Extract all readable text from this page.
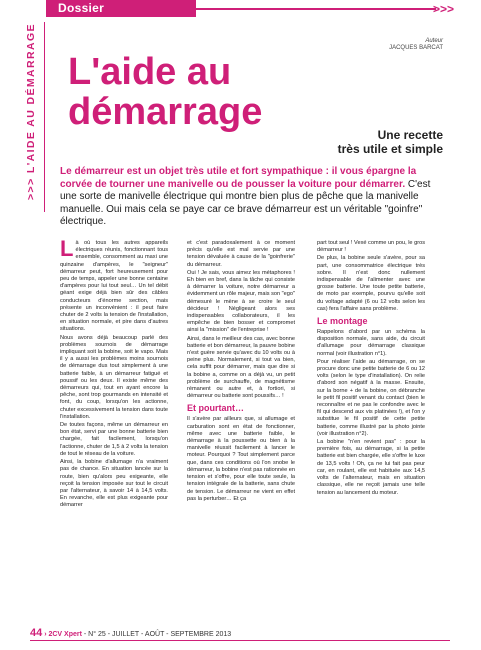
Dossier	>>>
>>> L'AIDE AU DÉMARRAGE	Auteur
JACQUES BARCAT
L'aide au
démarrage
Une recette
très utile et simple
Le démarreur est un objet très utile et fort sympathique : il vous épargne la corvée de tourner une manivelle ou de pousser la voiture pour démarrer. C'est une sorte de manivelle électrique qui montre bien plus de pêche que la manivelle manuelle. Oui mais cela se paye car ce brave démarreur est un véritable "goinfre" électrique.

Là où tous les autres appareils électriques réunis, fonctionnant tous ensemble, consomment au maxi une quinzaine d'ampères, le "seigneur" démarreur peut, fort heureusement pour peu de temps, appeler une bonne centaine d'ampères pour lui tout seul… Un tel débit géant exige déjà bien sûr des câbles conducteurs d'énorme section, mais présente un inconvénient : il peut faire chuter de 2 volts la tension de l'installation, en situation normale, et pire dans d'autres situations.

Nous avons déjà beaucoup parlé des problèmes sournois de démarrage impliquant soit la bobine, soit le vapo. Mais il y a aussi les problèmes moins sournois de démarrage dus tout simplement à une batterie faible, à un démarreur fatigué et poussif ou les deux. Il existe même des démarreurs qui, tout en ayant encore la pêche, sont trop gourmands en intensité et font, du coup, lorsqu'on les actionne, chuter excessivement la tension dans toute l'installation.

De toutes façons, même un démarreur en bon état, servi par une bonne batterie bien chargée, fait facilement, lorsqu'on l'actionne, chuter de 1,5 à 2 volts la tension de tout le réseau de la voiture.

Ainsi, la bobine d'allumage n'a vraiment pas de chance. En situation lancée sur la route, bien qu'alors peu exigeante, elle reçoit la tension imposée sur tout le circuit par l'alternateur, à savoir 14 à 14,5 volts. En revanche, elle est plus exigeante pour démarrer

et c'est paradoxalement à ce moment précis qu'elle est mal servie par une tension dévaluée à cause de la "goinfrerie" du démarreur.

Oui ! Je sais, vous aimez les métaphores ! Eh bien en bref, dans la tâche qui consiste à démarrer la voiture, notre démarreur a évidemment un rôle majeur, mais son "ego" démesuré le mène à se croire le seul décideur ! Négligeant alors ses indispensables collaborateurs, il les empêche de bien bosser et compromet ainsi la "mission" de l'entreprise !

Ainsi, dans le meilleur des cas, avec bonne batterie et bon démarreur, la pauvre bobine n'est guère servie qu'avec du 10 volts ou à peine plus. Normalement, si tout va bien, cela suffit pour démarrer, mais que dire si la bobine a, comme on a déjà vu, un petit problème de surchauffe, de magnétisme rémanent ou autre et, à fortiori, si démarreur ou batterie sont poussifs… !

Et pourtant…

Il s'avère par ailleurs que, si allumage et carburation sont en état de fonctionner, même avec une batterie faible, le démarrage à la poussette ou bien à la manivelle réussit facilement à lancer le moteur. Pourquoi ? Tout simplement parce que, dans ces conditions où l'on snobe le démarreur, la bobine n'est pas rationnée en tension et s'offre, pour elle toute seule, la tension intégrale de la batterie, sans chute de tension. Le démarreur ne vient en effet pas la perturber… Et ça

part tout seul ! Vexé comme un pou, le gros démarreur !

De plus, la bobine seule s'avère, pour sa part, une consommatrice électrique très sobre. Il n'est donc nullement indispensable de l'alimenter avec une grosse batterie. Une toute petite batterie, de moto par exemple, pourvu qu'elle soit du voltage adapté (6 ou 12 volts selon les cas) fera l'affaire sans problème.

Le montage

Rappelons d'abord par un schéma la disposition normale, sans aide, du circuit d'allumage pour démarrage classique normal (voir illustration n°1).

Pour réaliser l'aide au démarrage, on se procure donc une petite batterie de 6 ou 12 volts (selon le type d'installation). On relie d'abord son négatif à la masse. Ensuite, sur la borne + de la bobine, on débranche le petit fil positif venant du contact (bien le reconnaître et ne pas le confondre avec le fil qui descend aux vis platinées !), et l'on y substitue le fil positif de cette petite batterie, comme illustré par la photo jointe (voir illustration n°2).

La bobine "n'en revient pas" : pour la première fois, au démarrage, si la petite batterie est bien chargée, elle s'offre le luxe de 13,5 volts ! Oh, ça ne lui fait pas peur car, en roulant, elle est habituée aux 14,5 volts de l'alternateur, mais en situation classique, elle ne reçoit jamais une telle tension au lancement du moteur.

44 › 2CV Xpert - N° 25 - JUILLET - AOÛT - SEPTEMBRE 2013
